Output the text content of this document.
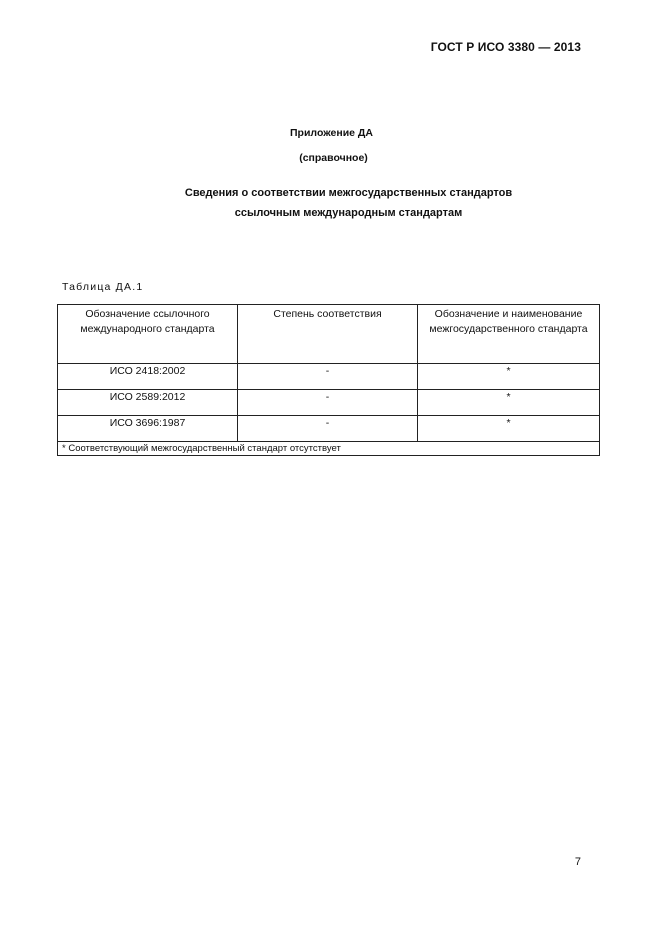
ГОСТ Р ИСО 3380 — 2013
Приложение ДА
(справочное)
Сведения о соответствии межгосударственных стандартов
ссылочным международным стандартам
Таблица ДА.1
Обозначение ссылочного международного стандарта	Степень соответствия	Обозначение и наименование межгосударственного стандарта
ИСО 2418:2002	-	*
ИСО 2589:2012	-	*
ИСО 3696:1987	-	*
* Соответствующий межгосударственный стандарт отсутствует		
7
